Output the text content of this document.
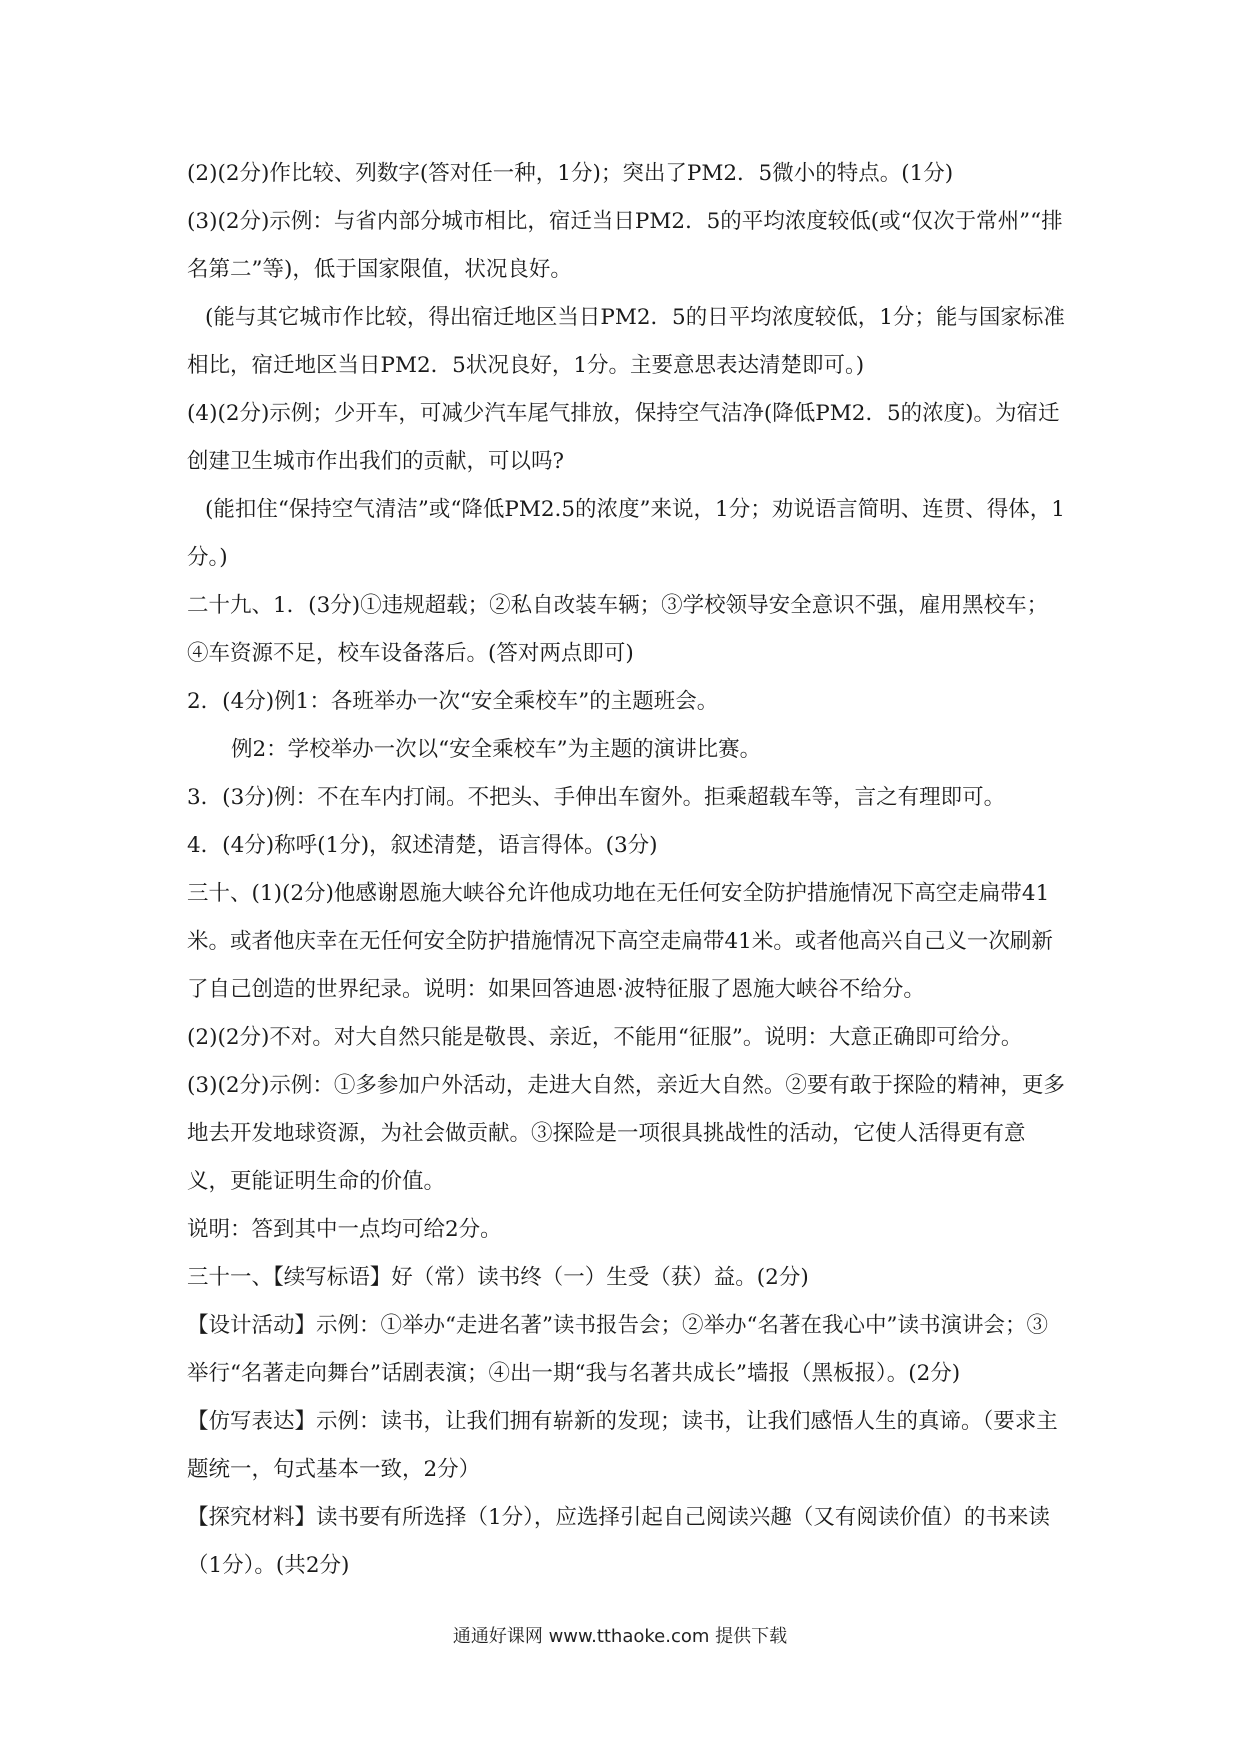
(2)(2分)作比较、列数字(答对任一种，1分)；突出了PM2．5微小的特点。(1分)

(3)(2分)示例：与省内部分城市相比，宿迁当日PM2．5的平均浓度较低(或“仅次于常州”“排名第二”等)，低于国家限值，状况良好。

(能与其它城市作比较，得出宿迁地区当日PM2．5的日平均浓度较低，1分；能与国家标准相比，宿迁地区当日PM2．5状况良好，1分。主要意思表达清楚即可。)

(4)(2分)示例；少开车，可减少汽车尾气排放，保持空气洁净(降低PM2．5的浓度)。为宿迁创建卫生城市作出我们的贡献，可以吗?

(能扣住“保持空气清洁”或“降低PM2.5的浓度”来说，1分；劝说语言简明、连贯、得体，1分。)

二十九、1．(3分)①违规超载；②私自改装车辆；③学校领导安全意识不强，雇用黑校车；④车资源不足，校车设备落后。(答对两点即可)

2．(4分)例1：各班举办一次“安全乘校车”的主题班会。

例2：学校举办一次以“安全乘校车”为主题的演讲比赛。

3．(3分)例：不在车内打闹。不把头、手伸出车窗外。拒乘超载车等，言之有理即可。

4．(4分)称呼(1分)，叙述清楚，语言得体。(3分)

三十、(1)(2分)他感谢恩施大峡谷允许他成功地在无任何安全防护措施情况下高空走扁带41米。或者他庆幸在无任何安全防护措施情况下高空走扁带41米。或者他高兴自己义一次刷新了自己创造的世界纪录。说明：如果回答迪恩·波特征服了恩施大峡谷不给分。

(2)(2分)不对。对大自然只能是敬畏、亲近，不能用“征服”。说明：大意正确即可给分。

(3)(2分)示例：①多参加户外活动，走进大自然，亲近大自然。②要有敢于探险的精神，更多地去开发地球资源，为社会做贡献。③探险是一项很具挑战性的活动，它使人活得更有意义，更能证明生命的价值。

说明：答到其中一点均可给2分。

三十一、【续写标语】好（常）读书终（一）生受（获）益。(2分)

【设计活动】示例：①举办“走进名著”读书报告会；②举办“名著在我心中”读书演讲会；③举行“名著走向舞台”话剧表演；④出一期“我与名著共成长”墙报（黑板报）。(2分)

【仿写表达】示例：读书，让我们拥有崭新的发现；读书，让我们感悟人生的真谛。（要求主题统一，句式基本一致，2分）

【探究材料】读书要有所选择（1分），应选择引起自己阅读兴趣（又有阅读价值）的书来读（1分）。(共2分)

通通好课网 www.tthaoke.com 提供下载
